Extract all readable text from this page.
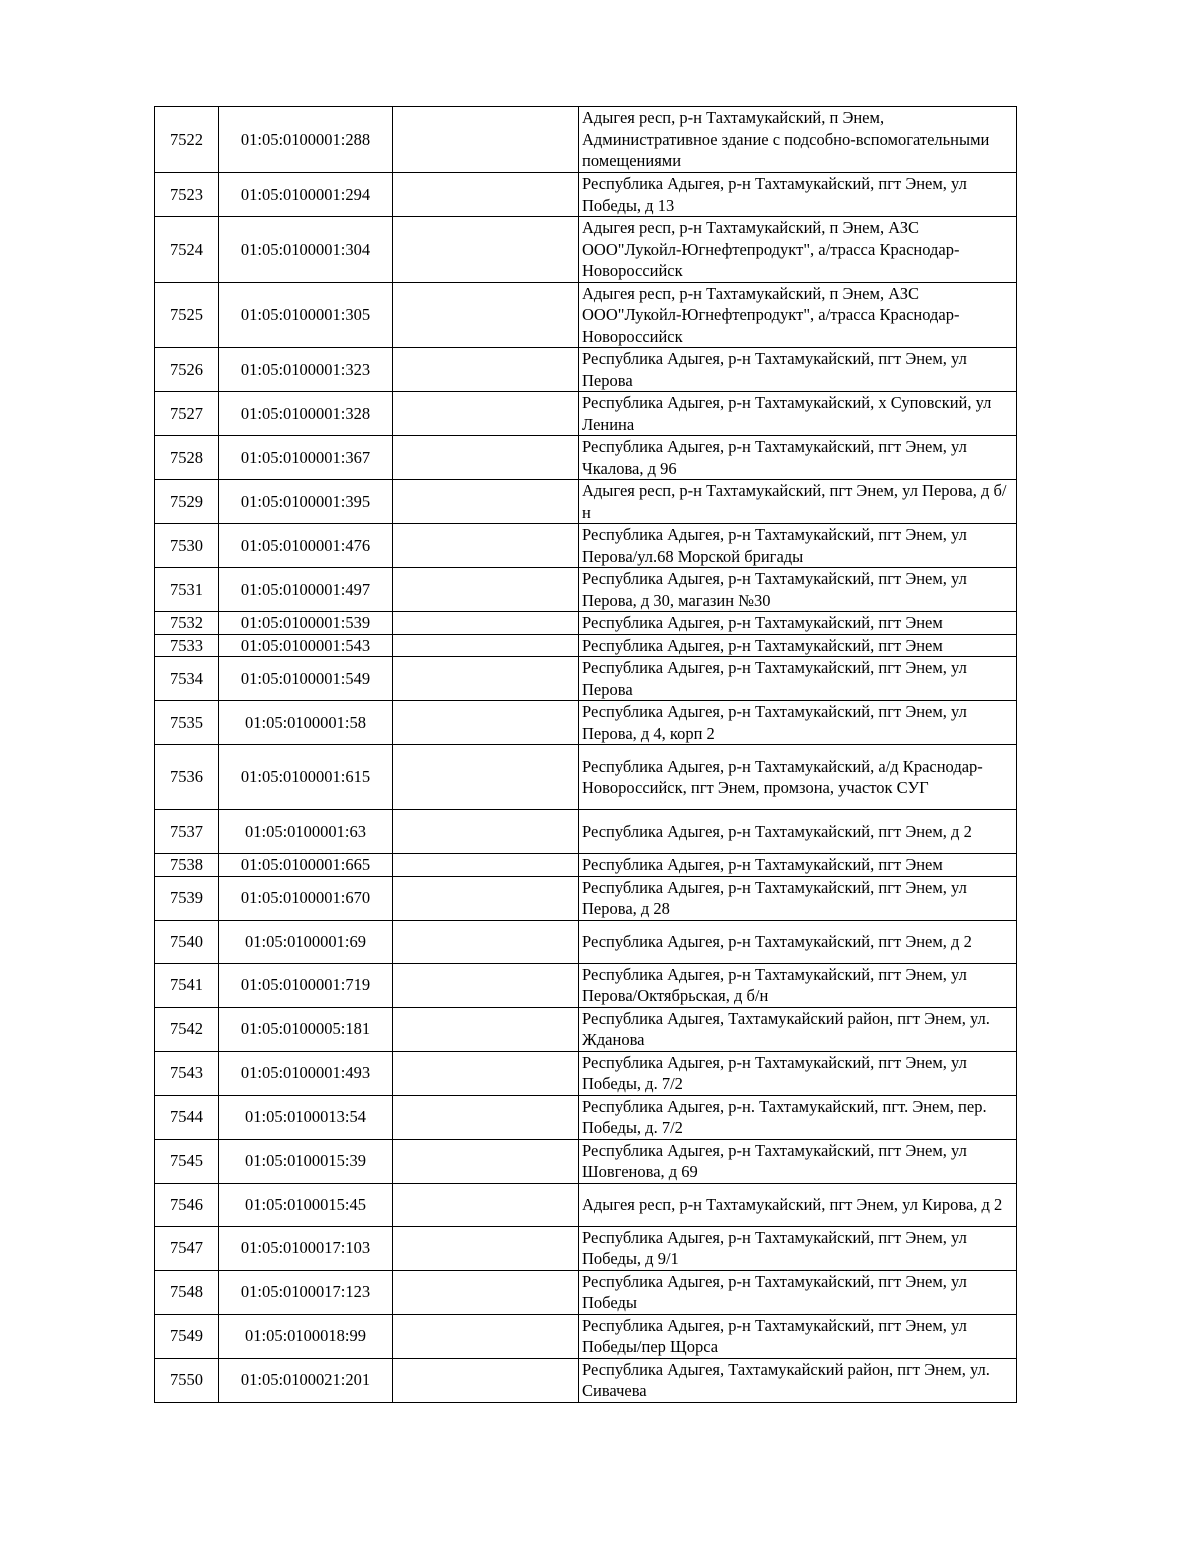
7522	01:05:0100001:288		Адыгея респ, р-н Тахтамукайский, п Энем, Административное здание с подсобно-вспомогательными помещениями
7523	01:05:0100001:294		Республика Адыгея, р-н Тахтамукайский, пгт Энем, ул Победы, д 13
7524	01:05:0100001:304		Адыгея респ, р-н Тахтамукайский, п Энем, АЗС ООО"Лукойл-Югнефтепродукт", а/трасса Краснодар-Новороссийск
7525	01:05:0100001:305		Адыгея респ, р-н Тахтамукайский, п Энем, АЗС ООО"Лукойл-Югнефтепродукт", а/трасса Краснодар-Новороссийск
7526	01:05:0100001:323		Республика Адыгея, р-н Тахтамукайский, пгт Энем, ул Перова
7527	01:05:0100001:328		Республика Адыгея, р-н Тахтамукайский, х Суповский, ул Ленина
7528	01:05:0100001:367		Республика Адыгея, р-н Тахтамукайский, пгт Энем, ул Чкалова, д 96
7529	01:05:0100001:395		Адыгея респ, р-н Тахтамукайский, пгт Энем, ул Перова, д б/н
7530	01:05:0100001:476		Республика Адыгея, р-н Тахтамукайский, пгт Энем, ул Перова/ул.68 Морской бригады
7531	01:05:0100001:497		Республика Адыгея, р-н Тахтамукайский, пгт Энем, ул Перова, д 30, магазин №30
7532	01:05:0100001:539		Республика Адыгея, р-н Тахтамукайский, пгт Энем
7533	01:05:0100001:543		Республика Адыгея, р-н Тахтамукайский, пгт Энем
7534	01:05:0100001:549		Республика Адыгея, р-н Тахтамукайский, пгт Энем, ул Перова
7535	01:05:0100001:58		Республика Адыгея, р-н Тахтамукайский, пгт Энем, ул Перова, д 4, корп 2
7536	01:05:0100001:615		Республика Адыгея, р-н Тахтамукайский, а/д Краснодар-Новороссийск, пгт Энем, промзона, участок СУГ
7537	01:05:0100001:63		Республика Адыгея, р-н Тахтамукайский, пгт Энем, д 2
7538	01:05:0100001:665		Республика Адыгея, р-н Тахтамукайский, пгт Энем
7539	01:05:0100001:670		Республика Адыгея, р-н Тахтамукайский, пгт Энем, ул Перова, д 28
7540	01:05:0100001:69		Республика Адыгея, р-н Тахтамукайский, пгт Энем, д 2
7541	01:05:0100001:719		Республика Адыгея, р-н Тахтамукайский, пгт Энем, ул Перова/Октябрьская, д б/н
7542	01:05:0100005:181		Республика Адыгея, Тахтамукайский район, пгт Энем, ул. Жданова
7543	01:05:0100001:493		Республика Адыгея, р-н Тахтамукайский, пгт Энем, ул Победы, д. 7/2
7544	01:05:0100013:54		Республика Адыгея, р-н. Тахтамукайский, пгт. Энем, пер. Победы, д. 7/2
7545	01:05:0100015:39		Республика Адыгея, р-н Тахтамукайский, пгт Энем, ул Шовгенова, д 69
7546	01:05:0100015:45		Адыгея респ, р-н Тахтамукайский, пгт Энем, ул Кирова, д 2
7547	01:05:0100017:103		Республика Адыгея, р-н Тахтамукайский, пгт Энем, ул Победы, д 9/1
7548	01:05:0100017:123		Республика Адыгея, р-н Тахтамукайский, пгт Энем, ул Победы
7549	01:05:0100018:99		Республика Адыгея, р-н Тахтамукайский, пгт Энем, ул Победы/пер Щорса
7550	01:05:0100021:201		Республика Адыгея, Тахтамукайский район, пгт Энем, ул. Сивачева
